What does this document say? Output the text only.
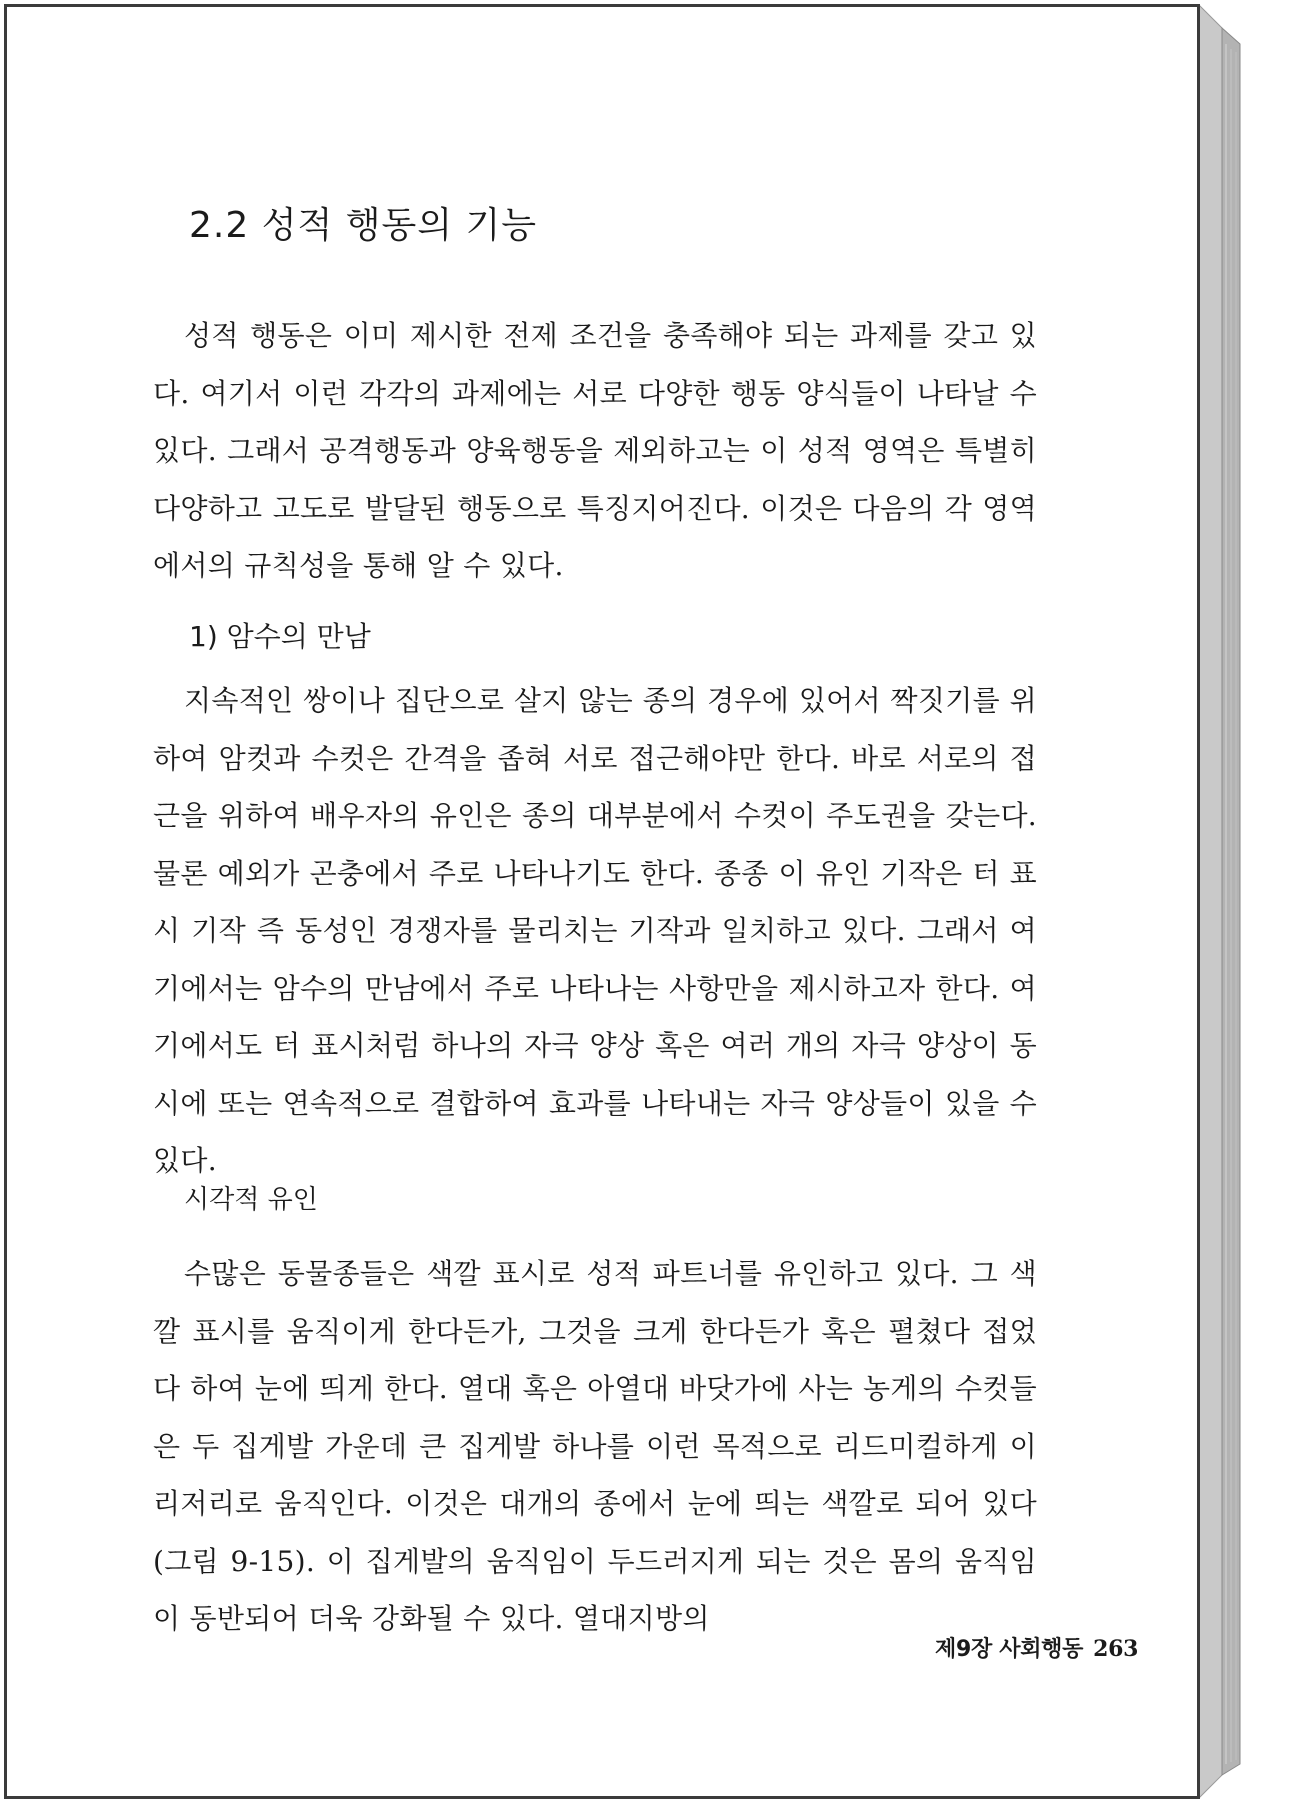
2.2 성적 행동의 기능

성적 행동은 이미 제시한 전제 조건을 충족해야 되는 과제를 갖고 있다. 여기서 이런 각각의 과제에는 서로 다양한 행동 양식들이 나타날 수 있다. 그래서 공격행동과 양육행동을 제외하고는 이 성적 영역은 특별히 다양하고 고도로 발달된 행동으로 특징지어진다. 이것은 다음의 각 영역에서의 규칙성을 통해 알 수 있다.

1) 암수의 만남

지속적인 쌍이나 집단으로 살지 않는 종의 경우에 있어서 짝짓기를 위하여 암컷과 수컷은 간격을 좁혀 서로 접근해야만 한다. 바로 서로의 접근을 위하여 배우자의 유인은 종의 대부분에서 수컷이 주도권을 갖는다. 물론 예외가 곤충에서 주로 나타나기도 한다. 종종 이 유인 기작은 터 표시 기작 즉 동성인 경쟁자를 물리치는 기작과 일치하고 있다. 그래서 여기에서는 암수의 만남에서 주로 나타나는 사항만을 제시하고자 한다. 여기에서도 터 표시처럼 하나의 자극 양상 혹은 여러 개의 자극 양상이 동시에 또는 연속적으로 결합하여 효과를 나타내는 자극 양상들이 있을 수 있다.

시각적 유인

수많은 동물종들은 색깔 표시로 성적 파트너를 유인하고 있다. 그 색깔 표시를 움직이게 한다든가, 그것을 크게 한다든가 혹은 펼쳤다 접었다 하여 눈에 띄게 한다. 열대 혹은 아열대 바닷가에 사는 농게의 수컷들은 두 집게발 가운데 큰 집게발 하나를 이런 목적으로 리드미컬하게 이리저리로 움직인다. 이것은 대개의 종에서 눈에 띄는 색깔로 되어 있다(그림 9-15). 이 집게발의 움직임이 두드러지게 되는 것은 몸의 움직임이 동반되어 더욱 강화될 수 있다. 열대지방의

제9장 사회행동 263
